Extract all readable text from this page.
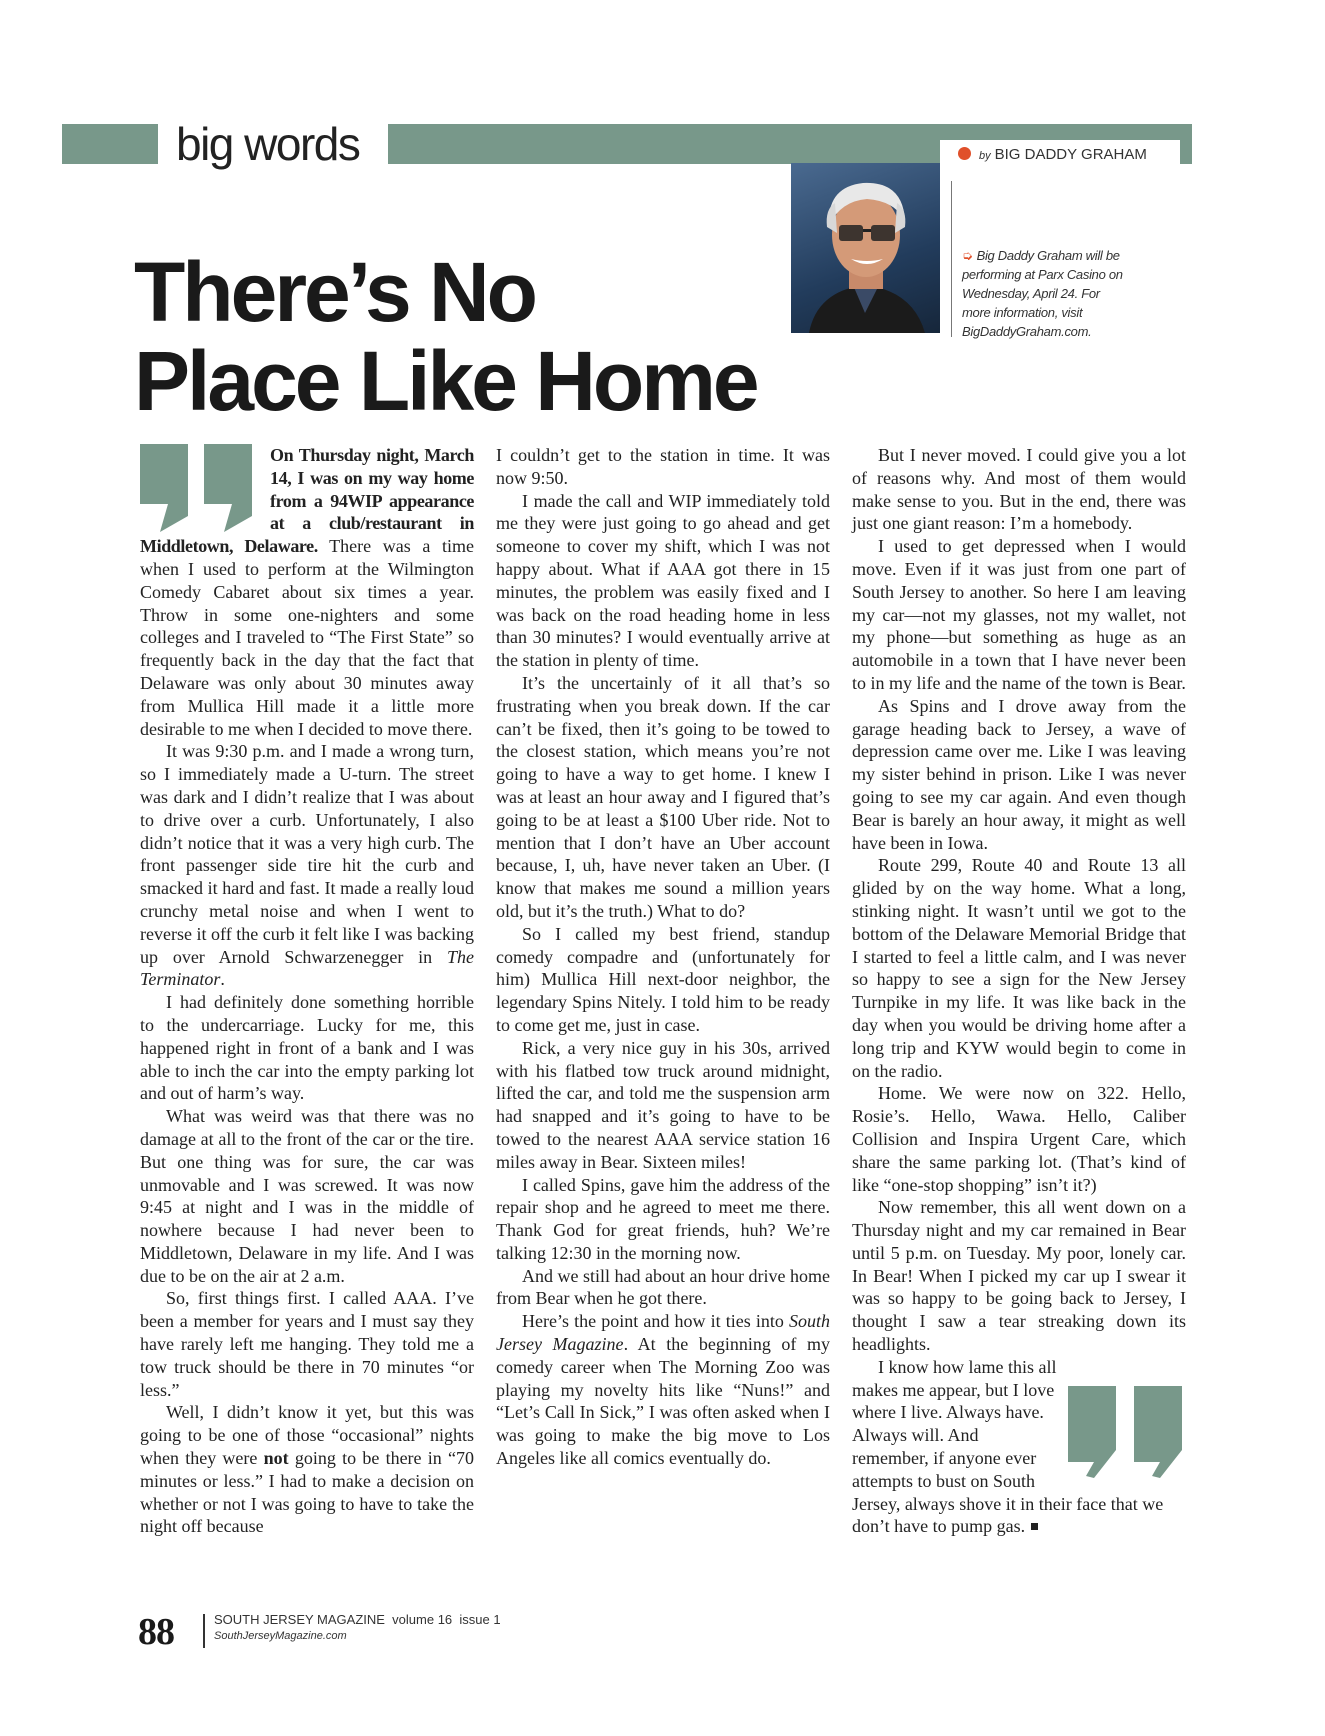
big words	by BIG DADDY GRAHAM
➭ Big Daddy Graham will be performing at Parx Casino on Wednesday, April 24. For more information, visit BigDaddyGraham.com.
There’s No
Place Like Home

On Thursday night, March 14, I was on my way home from a 94WIP appearance at a club/restaurant in Middletown, Delaware. There was a time when I used to perform at the Wilmington Comedy Cabaret about six times a year. Throw in some one-nighters and some colleges and I traveled to “The First State” so frequently back in the day that the fact that Delaware was only about 30 minutes away from Mullica Hill made it a little more desirable to me when I decided to move there.

It was 9:30 p.m. and I made a wrong turn, so I immediately made a U-turn. The street was dark and I didn’t realize that I was about to drive over a curb. Unfortunately, I also didn’t notice that it was a very high curb. The front passenger side tire hit the curb and smacked it hard and fast. It made a really loud crunchy metal noise and when I went to reverse it off the curb it felt like I was backing up over Arnold Schwarzenegger in The Terminator.

I had definitely done something horrible to the undercarriage. Lucky for me, this happened right in front of a bank and I was able to inch the car into the empty parking lot and out of harm’s way.

What was weird was that there was no damage at all to the front of the car or the tire. But one thing was for sure, the car was unmovable and I was screwed. It was now 9:45 at night and I was in the middle of nowhere because I had never been to Middletown, Delaware in my life. And I was due to be on the air at 2 a.m.

So, first things first. I called AAA. I’ve been a member for years and I must say they have rarely left me hanging. They told me a tow truck should be there in 70 minutes “or less.”

Well, I didn’t know it yet, but this was going to be one of those “occasional” nights when they were not going to be there in “70 minutes or less.” I had to make a decision on whether or not I was going to have to take the night off because

I couldn’t get to the station in time. It was now 9:50.

I made the call and WIP immediately told me they were just going to go ahead and get someone to cover my shift, which I was not happy about. What if AAA got there in 15 minutes, the problem was easily fixed and I was back on the road heading home in less than 30 minutes? I would eventually arrive at the station in plenty of time.

It’s the uncertainly of it all that’s so frustrating when you break down. If the car can’t be fixed, then it’s going to be towed to the closest station, which means you’re not going to have a way to get home. I knew I was at least an hour away and I figured that’s going to be at least a $100 Uber ride. Not to mention that I don’t have an Uber account because, I, uh, have never taken an Uber. (I know that makes me sound a million years old, but it’s the truth.) What to do?

So I called my best friend, standup comedy compadre and (unfortunately for him) Mullica Hill next-door neighbor, the legendary Spins Nitely. I told him to be ready to come get me, just in case.

Rick, a very nice guy in his 30s, arrived with his flatbed tow truck around midnight, lifted the car, and told me the suspension arm had snapped and it’s going to have to be towed to the nearest AAA service station 16 miles away in Bear. Sixteen miles!

I called Spins, gave him the address of the repair shop and he agreed to meet me there. Thank God for great friends, huh? We’re talking 12:30 in the morning now.

And we still had about an hour drive home from Bear when he got there.

Here’s the point and how it ties into South Jersey Magazine. At the beginning of my comedy career when The Morning Zoo was playing my novelty hits like “Nuns!” and “Let’s Call In Sick,” I was often asked when I was going to make the big move to Los Angeles like all comics eventually do.

But I never moved. I could give you a lot of reasons why. And most of them would make sense to you. But in the end, there was just one giant reason: I’m a homebody.

I used to get depressed when I would move. Even if it was just from one part of South Jersey to another. So here I am leaving my car—not my glasses, not my wallet, not my phone—but something as huge as an automobile in a town that I have never been to in my life and the name of the town is Bear.

As Spins and I drove away from the garage heading back to Jersey, a wave of depression came over me. Like I was leaving my sister behind in prison. Like I was never going to see my car again. And even though Bear is barely an hour away, it might as well have been in Iowa.

Route 299, Route 40 and Route 13 all glided by on the way home. What a long, stinking night. It wasn’t until we got to the bottom of the Delaware Memorial Bridge that I started to feel a little calm, and I was never so happy to see a sign for the New Jersey Turnpike in my life. It was like back in the day when you would be driving home after a long trip and KYW would begin to come in on the radio.

Home. We were now on 322. Hello, Rosie’s. Hello, Wawa. Hello, Caliber Collision and Inspira Urgent Care, which share the same parking lot. (That’s kind of like “one-stop shopping” isn’t it?)

Now remember, this all went down on a Thursday night and my car remained in Bear until 5 p.m. on Tuesday. My poor, lonely car. In Bear! When I picked my car up I swear it was so happy to be going back to Jersey, I thought I saw a tear streaking down its headlights.

I know how lame this all makes me appear, but I love where I live. Always have. Always will. And remember, if anyone ever attempts to bust on South Jersey, always shove it in their face that we don’t have to pump gas.

88	SOUTH JERSEY MAGAZINE  volume 16  issue 1
SouthJerseyMagazine.com
